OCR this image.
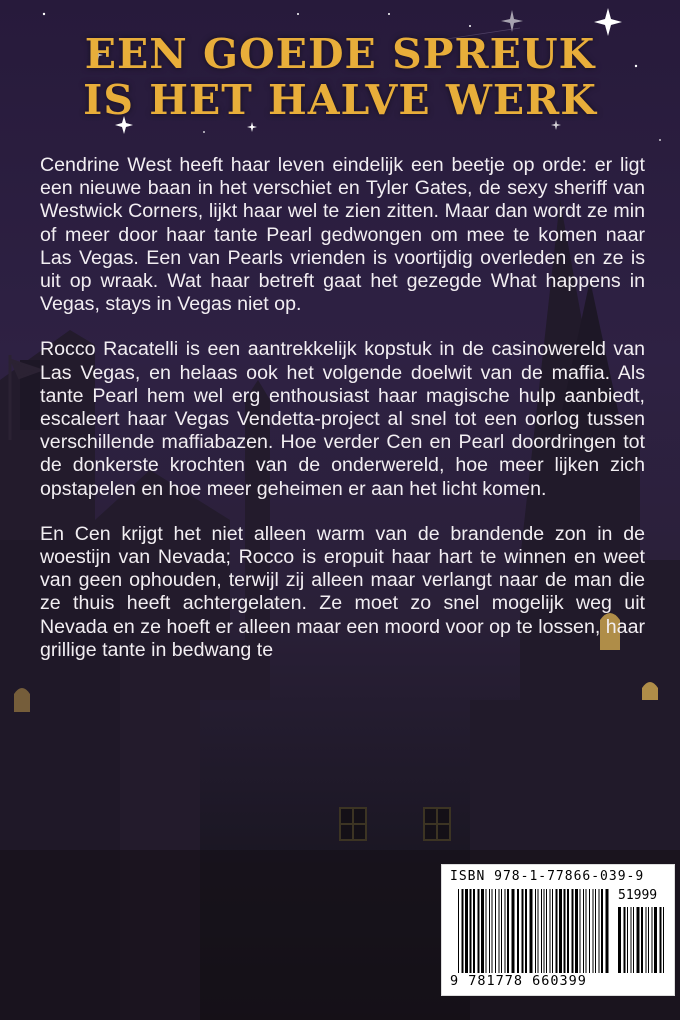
EEN GOEDE SPREUK
IS HET HALVE WERK

Cendrine West heeft haar leven eindelijk een beetje op orde: er ligt een nieuwe baan in het verschiet en Tyler Gates, de sexy sheriff van Westwick Corners, lijkt haar wel te zien zitten. Maar dan wordt ze min of meer door haar tante Pearl gedwongen om mee te komen naar Las Vegas. Een van Pearls vrienden is voortijdig overleden en ze is uit op wraak. Wat haar betreft gaat het gezegde What happens in Vegas, stays in Vegas niet op.

Rocco Racatelli is een aantrekkelijk kopstuk in de casinowereld van Las Vegas, en helaas ook het volgende doelwit van de maffia. Als tante Pearl hem wel erg enthousiast haar magische hulp aanbiedt, escaleert haar Vegas Vendetta-project al snel tot een oorlog tussen verschillende maffiabazen. Hoe verder Cen en Pearl doordringen tot de donkerste krochten van de onderwereld, hoe meer lijken zich opstapelen en hoe meer geheimen er aan het licht komen.

En Cen krijgt het niet alleen warm van de brandende zon in de woestijn van Nevada; Rocco is eropuit haar hart te winnen en weet van geen ophouden, terwijl zij alleen maar verlangt naar de man die ze thuis heeft achtergelaten. Ze moet zo snel mogelijk weg uit Nevada en ze hoeft er alleen maar een moord voor op te lossen, haar grillige tante in bedwang te

ISBN 978-1-77866-039-9
51999
9 781778 660399
